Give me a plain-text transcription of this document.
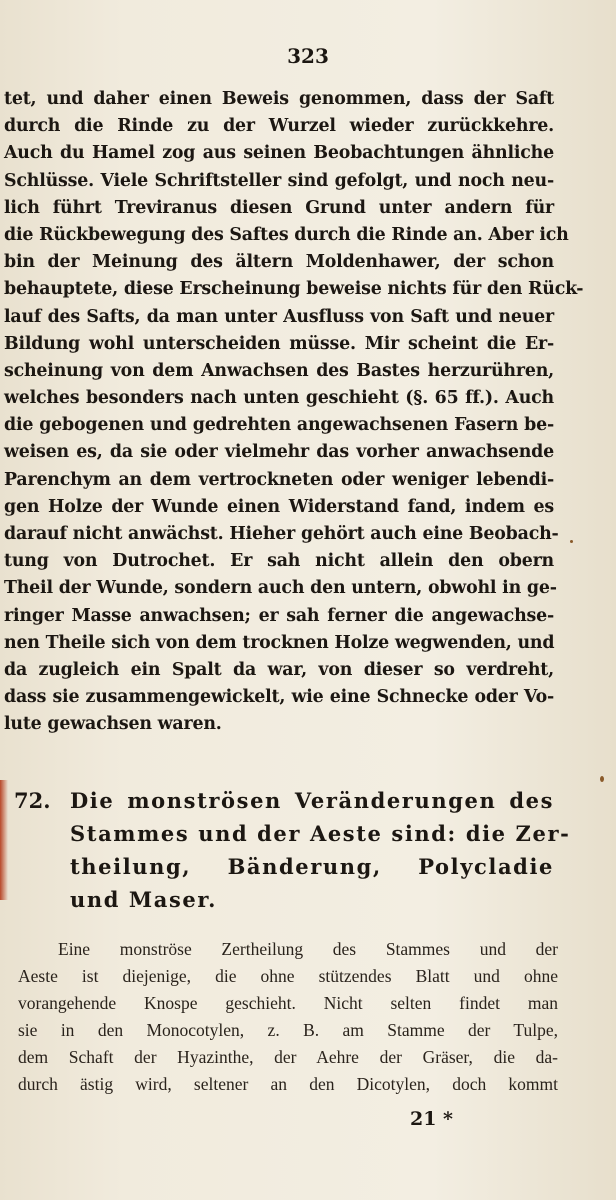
323
tet, und daher einen Beweis genommen, dass der Saft
durch die Rinde zu der Wurzel wieder zurückkehre.
Auch du Hamel zog aus seinen Beobachtungen ähnliche
Schlüsse. Viele Schriftsteller sind gefolgt, und noch neu-
lich führt Treviranus diesen Grund unter andern für
die Rückbewegung des Saftes durch die Rinde an. Aber ich
bin der Meinung des ältern Moldenhawer, der schon
behauptete, diese Erscheinung beweise nichts für den Rück-
lauf des Safts, da man unter Ausfluss von Saft und neuer
Bildung wohl unterscheiden müsse. Mir scheint die Er-
scheinung von dem Anwachsen des Bastes herzurühren,
welches besonders nach unten geschieht (§. 65 ff.). Auch
die gebogenen und gedrehten angewachsenen Fasern be-
weisen es, da sie oder vielmehr das vorher anwachsende
Parenchym an dem vertrockneten oder weniger lebendi-
gen Holze der Wunde einen Widerstand fand, indem es
darauf nicht anwächst. Hieher gehört auch eine Beobach-
tung von Dutrochet. Er sah nicht allein den obern
Theil der Wunde, sondern auch den untern, obwohl in ge-
ringer Masse anwachsen; er sah ferner die angewachse-
nen Theile sich von dem trocknen Holze wegwenden, und
da zugleich ein Spalt da war, von dieser so verdreht,
dass sie zusammengewickelt, wie eine Schnecke oder Vo-
lute gewachsen waren.
72. Die monströsen Veränderungen des
Stammes und der Aeste sind: die Zer-
theilung, Bänderung, Polycladie
und Maser.
Eine monströse Zertheilung des Stammes und der
Aeste ist diejenige, die ohne stützendes Blatt und ohne
vorangehende Knospe geschieht. Nicht selten findet man
sie in den Monocotylen, z. B. am Stamme der Tulpe,
dem Schaft der Hyazinthe, der Aehre der Gräser, die da-
durch ästig wird, seltener an den Dicotylen, doch kommt
21 *
